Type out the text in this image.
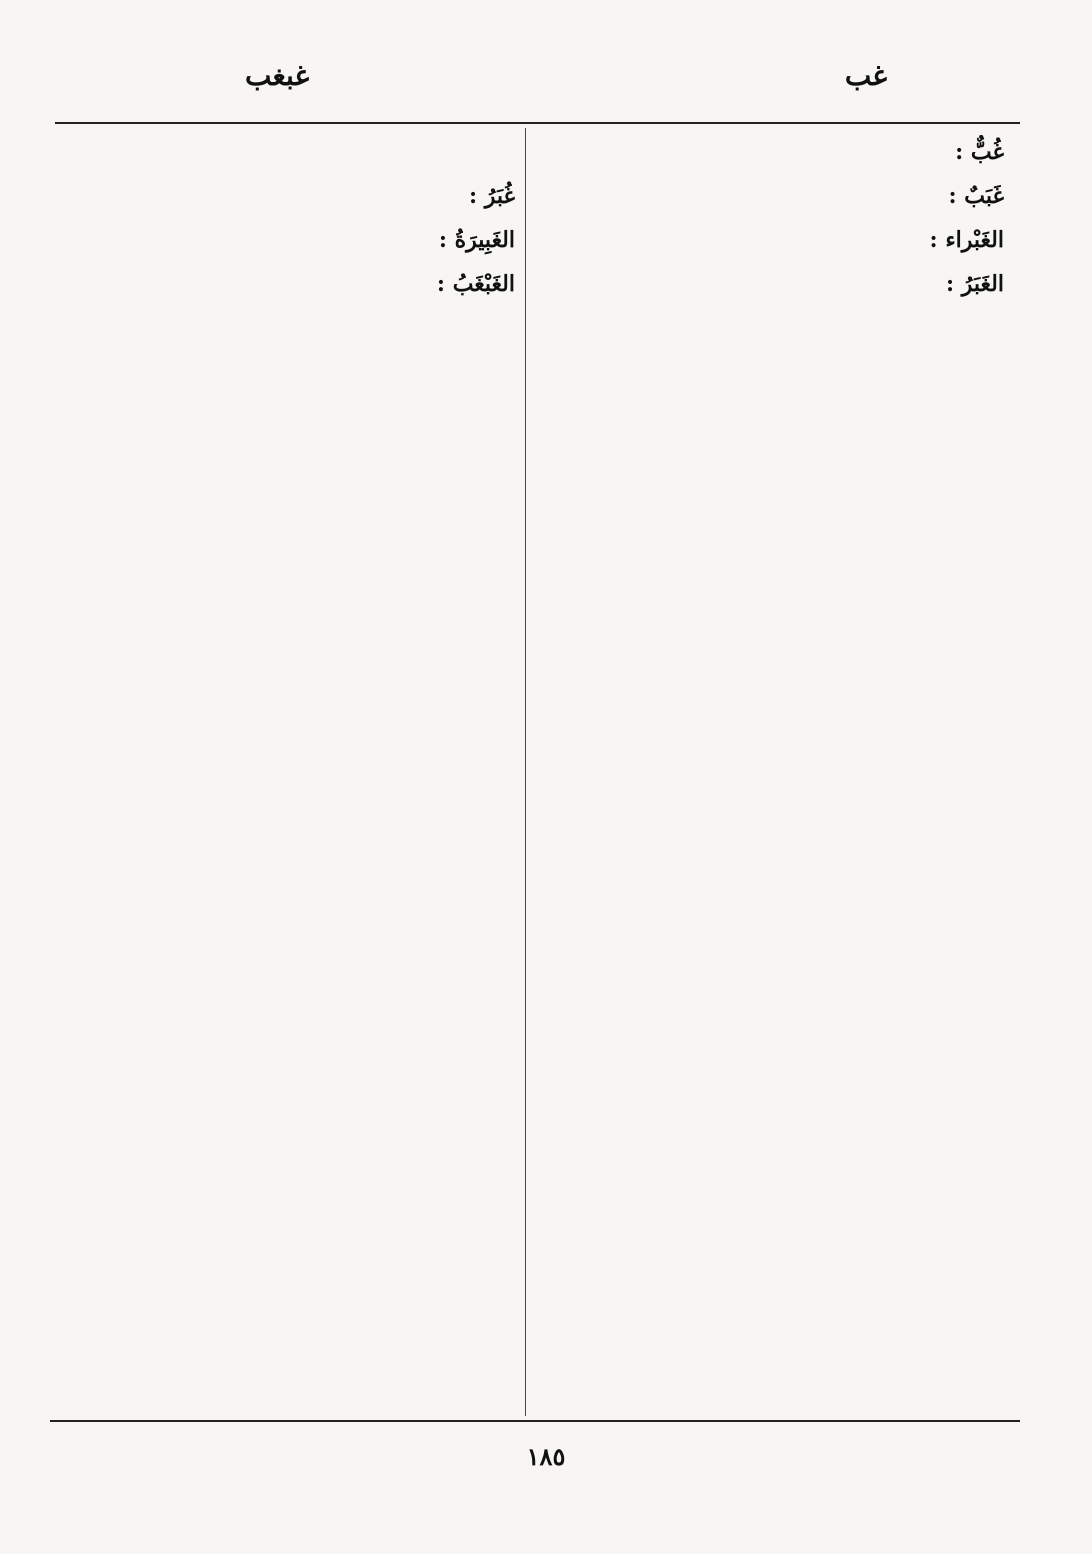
غب
غبغب

غُبٌّ :

غَبَبٌ :

الغَبْراء :

الغَبَرُ :

غُبَرُ :

الغَبِيرَةُ :

الغَبْغَبُ :

١٨٥
